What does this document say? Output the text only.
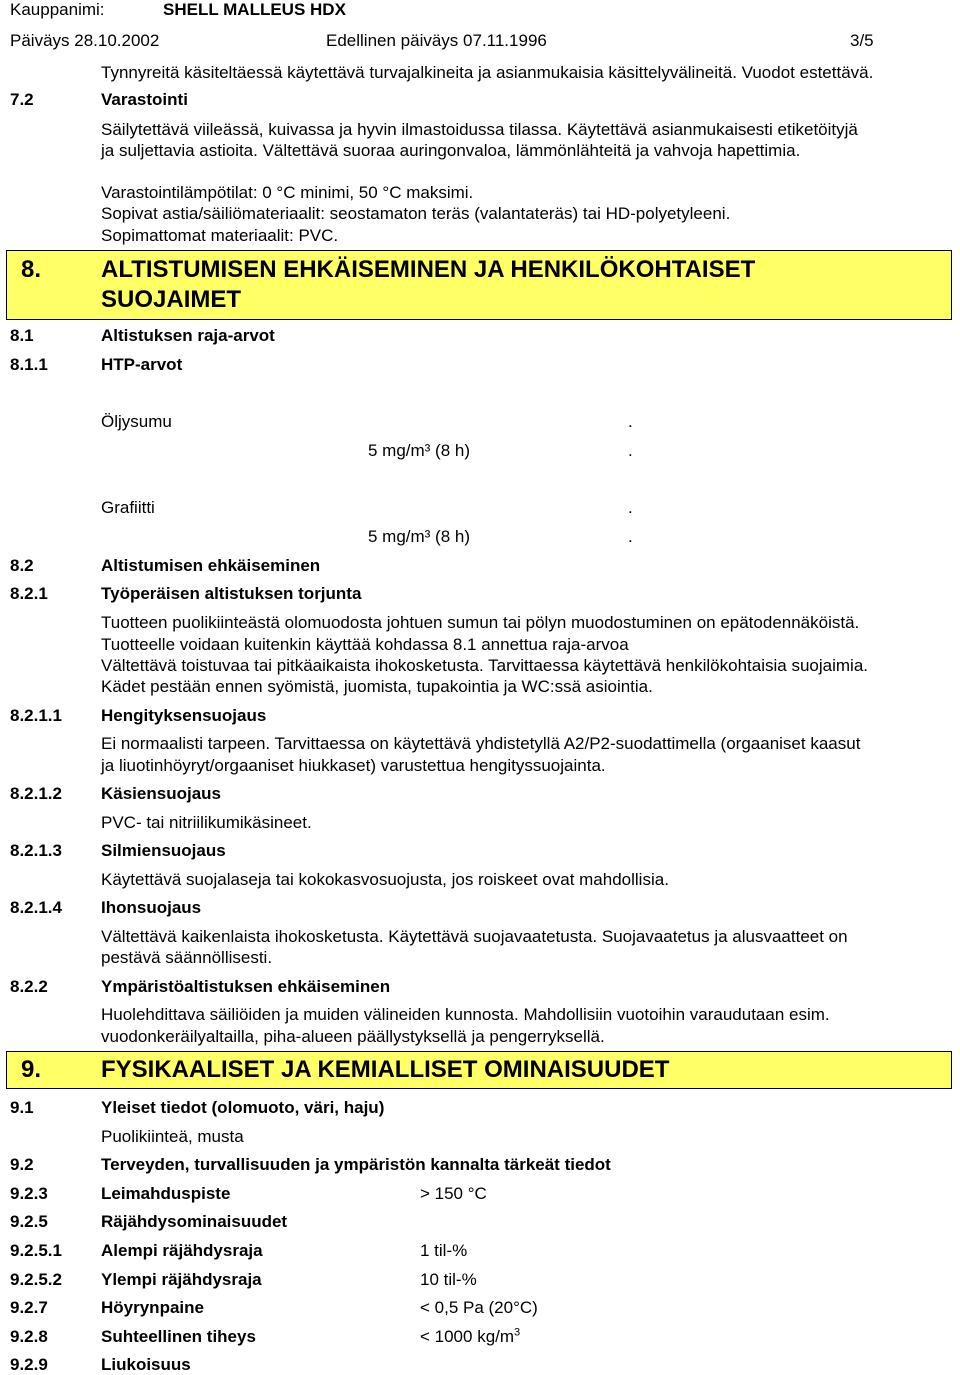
Kauppanimi:	SHELL MALLEUS HDX
Päiväys 28.10.2002	Edellinen päiväys 07.11.1996	3/5
Tynnyreitä käsiteltäessä käytettävä turvajalkineita ja asianmukaisia käsittelyvälineitä. Vuodot estettävä.
7.2	Varastointi
Säilytettävä viileässä, kuivassa ja hyvin ilmastoidussa tilassa. Käytettävä asianmukaisesti etiketöityjä
ja suljettavia astioita. Vältettävä suoraa auringonvaloa, lämmönlähteitä ja vahvoja hapettimia.
Varastointilämpötilat: 0 °C minimi, 50 °C maksimi.
Sopivat astia/säiliömateriaalit: seostamaton teräs (valantateräs) tai HD-polyetyleeni.
Sopimattomat materiaalit: PVC.
8. ALTISTUMISEN EHKÄISEMINEN JA HENKILÖKOHTAISET
SUOJAIMET
8.1	Altistuksen raja-arvot
8.1.1	HTP-arvot
Öljysumu	.
5 mg/m³ (8 h)	.
Grafiitti	.
5 mg/m³ (8 h)	.
8.2	Altistumisen ehkäiseminen
8.2.1	Työperäisen altistuksen torjunta
Tuotteen puolikiinteästä olomuodosta johtuen sumun tai pölyn muodostuminen on epätodennäköistä.
Tuotteelle voidaan kuitenkin käyttää kohdassa 8.1 annettua raja-arvoa
Vältettävä toistuvaa tai pitkäaikaista ihokosketusta. Tarvittaessa käytettävä henkilökohtaisia suojaimia.
Kädet pestään ennen syömistä, juomista, tupakointia ja WC:ssä asiointia.
8.2.1.1 Hengityksensuojaus
Ei normaalisti tarpeen. Tarvittaessa on käytettävä yhdistetyllä A2/P2-suodattimella (orgaaniset kaasut
ja liuotinhöyryt/orgaaniset hiukkaset) varustettua hengityssuojainta.
8.2.1.2 Käsiensuojaus
PVC- tai nitriilikumikäsineet.
8.2.1.3 Silmiensuojaus
Käytettävä suojalaseja tai kokokasvosuojusta, jos roiskeet ovat mahdollisia.
8.2.1.4 Ihonsuojaus
Vältettävä kaikenlaista ihokosketusta. Käytettävä suojavaatetusta. Suojavaatetus ja alusvaatteet on
pestävä säännöllisesti.
8.2.2	Ympäristöaltistuksen ehkäiseminen
Huolehdittava säiliöiden ja muiden välineiden kunnosta. Mahdollisiin vuotoihin varaudutaan esim.
vuodonkeräilyaltailla, piha-alueen päällystyksellä ja pengerryksellä.
9. FYSIKAALISET JA KEMIALLISET OMINAISUUDET
9.1	Yleiset tiedot (olomuoto, väri, haju)
Puolikiinteä, musta
9.2	Terveyden, turvallisuuden ja ympäristön kannalta tärkeät tiedot
9.2.3	Leimahduspiste	> 150 °C
9.2.5	Räjähdysominaisuudet
9.2.5.1 Alempi räjähdysraja	1 til-%
9.2.5.2 Ylempi räjähdysraja	10 til-%
9.2.7	Höyrynpaine	< 0,5 Pa (20°C)
9.2.8	Suhteellinen tiheys	< 1000 $kg/m^3$
9.2.9	Liukoisuus
